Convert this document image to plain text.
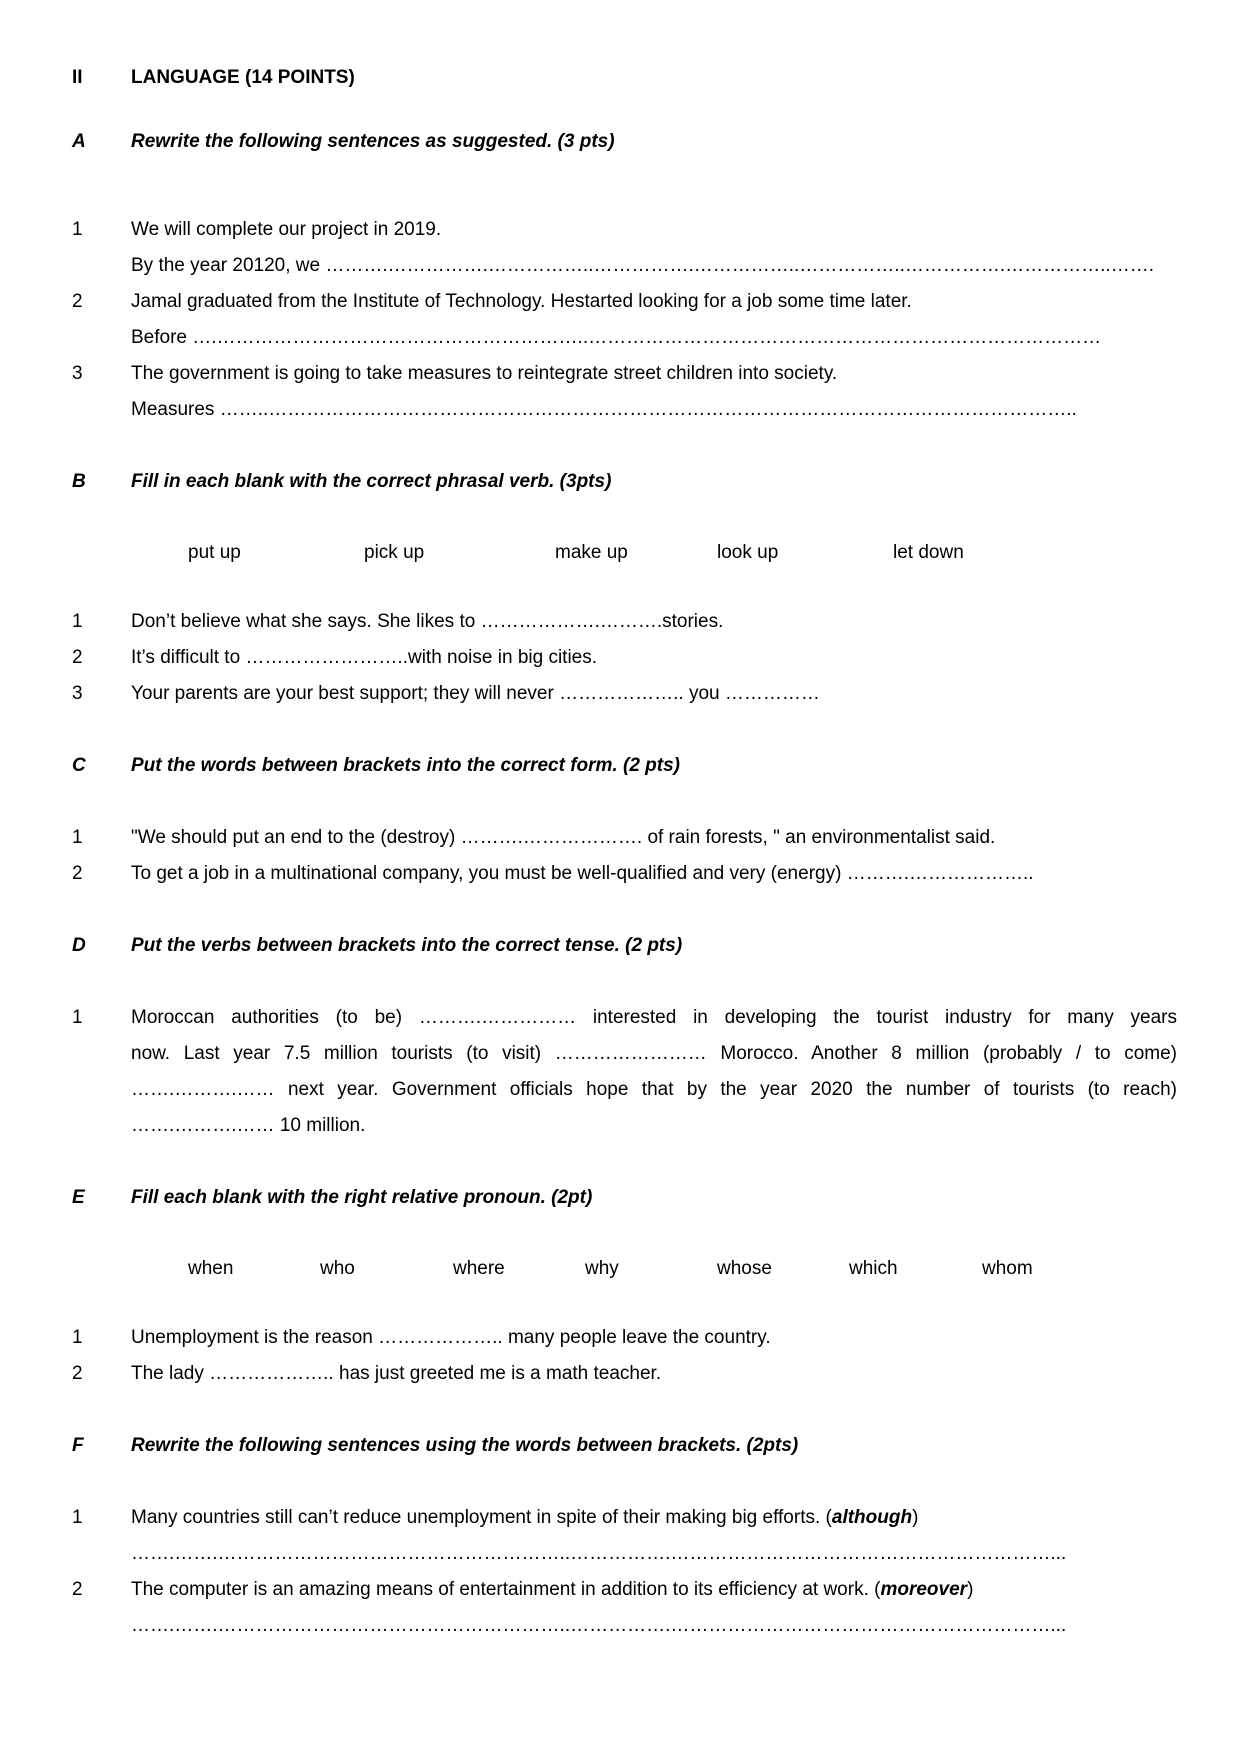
II	LANGUAGE (14 POINTS)
A Rewrite the following sentences as suggested. (3 pts)
1	We will complete our project in 2019.
By the year 20120, we
……….…………….……………..…………….……………..……………..…………….……………..…….
2	Jamal graduated from the Institute of Technology. Hestarted looking for a job some time later.
Before
….…………………………………………………..………………………………………………………………………
3	The government is going to take measures to reintegrate street children into society.
Measures
……..………………………………………………………………………………………………………………..
B Fill in each blank with the correct phrasal verb. (3pts)
put up	pick up	make up	look up	let down
1	Don’t believe what she says. She likes to ……………….……….stories.
2	It’s difficult to ……………………..with noise in big cities.
3	Your parents are your best support; they will never ……………….. you ……………
C Put the words between brackets into the correct form. (2 pts)
1	"We should put an end to the (destroy) ……….………………. of rain forests, " an environmentalist said.
2	To get a job in a multinational company, you must be well-qualified and very (energy) ……….………………..
D Put the verbs between brackets into the correct tense. (2 pts)
1	Moroccan authorities (to be) ……….…………… interested in developing the tourist industry for many years
now. Last year 7.5 million tourists (to visit) …………………… Morocco. Another 8 million (probably / to come)
…….……….…… next year. Government officials hope that by the year 2020 the number of tourists (to reach)
…….……….…… 10 million.
E Fill each blank with the right relative pronoun. (2pt)
when	who	where	why	whose	which	whom
1	Unemployment is the reason ……………….. many people leave the country.
2	The lady ……………….. has just greeted me is a math teacher.
F Rewrite the following sentences using the words between brackets. (2pts)
1	Many countries still can’t reduce unemployment in spite of their making big efforts. (although)
…….…….………………………………………………..…………….……………………………………………………...
2	The computer is an amazing means of entertainment in addition to its efficiency at work. (moreover)
…….…….………………………………………………..…………….……………………………………………………...
